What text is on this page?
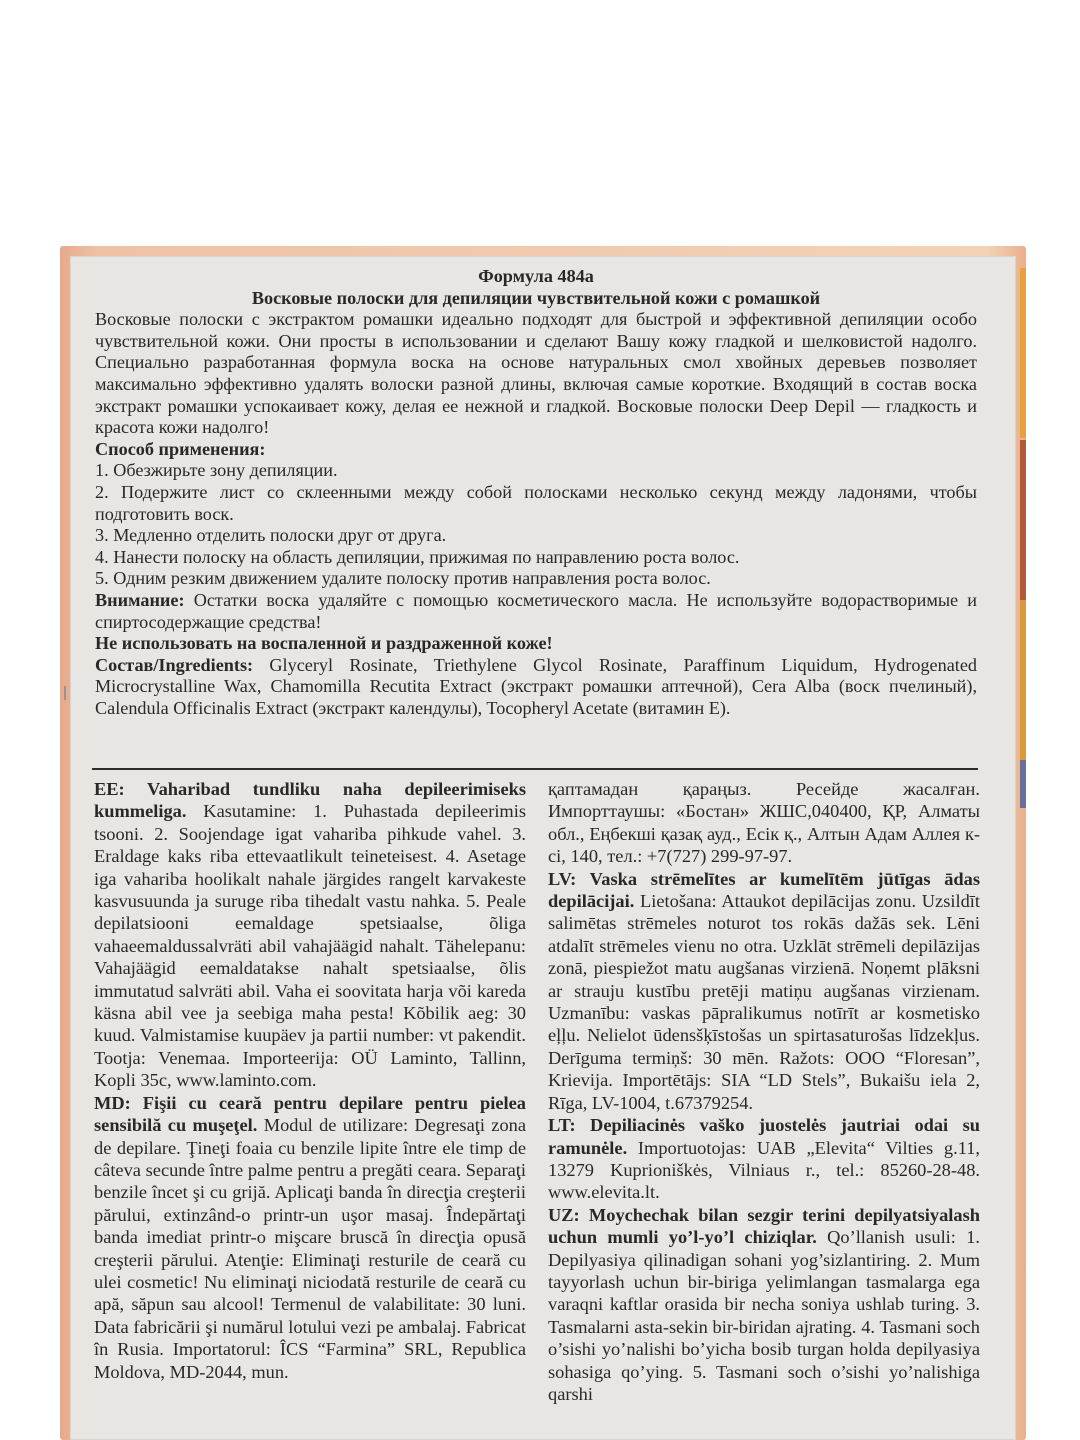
Формула 484а

Восковые полоски для депиляции чувствительной кожи с ромашкой

Восковые полоски с экстрактом ромашки идеально подходят для быстрой и эффективной депиляции особо чувствительной кожи. Они просты в использовании и сделают Вашу кожу гладкой и шелковистой надолго. Специально разработанная формула воска на основе натуральных смол хвойных деревьев позволяет максимально эффективно удалять волоски разной длины, включая самые короткие. Входящий в состав воска экстракт ромашки успокаивает кожу, делая ее нежной и гладкой. Восковые полоски Deep Depil — гладкость и красота кожи надолго!

Способ применения:

1. Обезжирьте зону депиляции.

2. Подержите лист со склеенными между собой полосками несколько секунд между ладонями, чтобы подготовить воск.

3. Медленно отделить полоски друг от друга.

4. Нанести полоску на область депиляции, прижимая по направлению роста волос.

5. Одним резким движением удалите полоску против направления роста волос.

Внимание: Остатки воска удаляйте с помощью косметического масла. Не используйте водорастворимые и спиртосодержащие средства!

Не использовать на воспаленной и раздраженной коже!

Состав/Ingredients: Glyceryl Rosinate, Triethylene Glycol Rosinate, Paraffinum Liquidum, Hydrogenated Microcrystalline Wax, Chamomilla Recutita Extract (экстракт ромашки аптечной), Cera Alba (воск пчелиный), Calendula Officinalis Extract (экстракт календулы), Tocopheryl Acetate (витамин Е).

EE: Vaharibad tundliku naha depileerimiseks kummeliga. Kasutamine: 1. Puhastada depileerimis tsooni. 2. Soojendage igat vahariba pihkude vahel. 3. Eraldage kaks riba ettevaatlikult teineteisest. 4. Asetage iga vahariba hoolikalt nahale järgides rangelt karvakeste kasvusuunda ja suruge riba tihedalt vastu nahka. 5. Peale depilatsiooni eemaldage spetsiaalse, õliga vahaeemaldussalvräti abil vahajäägid nahalt. Tähelepanu: Vahajäägid eemaldatakse nahalt spetsiaalse, õlis immutatud salvräti abil. Vaha ei soovitata harja või kareda käsna abil vee ja seebiga maha pesta! Kõbilik aeg: 30 kuud. Valmistamise kuupäev ja partii number: vt pakendit. Tootja: Venemaa. Importeerija: OÜ Laminto, Tallinn, Kopli 35c, www.laminto.com.

MD: Fişii cu ceară pentru depilare pentru pielea sensibilă cu muşeţel. Modul de utilizare: Degresaţi zona de depilare. Ţineţi foaia cu benzile lipite între ele timp de câteva secunde între palme pentru a pregăti ceara. Separaţi benzile încet şi cu grijă. Aplicaţi banda în direcţia creşterii părului, extinzând-o printr-un uşor masaj. Îndepărtaţi banda imediat printr-o mişcare bruscă în direcţia opusă creşterii părului. Atenţie: Eliminaţi resturile de ceară cu ulei cosmetic! Nu eliminaţi niciodată resturile de ceară cu apă, săpun sau alcool! Termenul de valabilitate: 30 luni. Data fabricării şi numărul lotului vezi pe ambalaj. Fabricat în Rusia. Importatorul: ÎCS “Farmina” SRL, Republica Moldova, MD-2044, mun.

қаптамадан қараңыз. Ресейде жасалған. Импорттаушы: «Бостан» ЖШС,040400, ҚР, Алматы обл., Еңбекші қазақ ауд., Есік қ., Алтын Адам Аллея к-сі, 140, тел.: +7(727) 299-97-97.

LV: Vaska strēmelītes ar kumelītēm jūtīgas ādas depilācijai. Lietošana: Attaukot depilācijas zonu. Uzsildīt salimētas strēmeles noturot tos rokās dažās sek. Lēni atdalīt strēmeles vienu no otra. Uzklāt strēmeli depilāzijas zonā, piespiežot matu augšanas virzienā. Noņemt plāksni ar strauju kustību pretēji matiņu augšanas virzienam. Uzmanību: vaskas pāpralikumus notīrīt ar kosmetisko eļļu. Nelielot ūdensšķīstošas un spirtasaturošas līdzekļus. Derīguma termiņš: 30 mēn. Ražots: OOO “Floresan”, Krievija. Importētājs: SIA “LD Stels”, Bukaišu iela 2, Rīga, LV-1004, t.67379254.

LT: Depiliacinės vaško juostelės jautriai odai su ramunėle. Importuotojas: UAB „Elevita“ Vilties g.11, 13279 Kuprioniškės, Vilniaus r., tel.: 85260-28-48. www.elevita.lt.

UZ: Moychechak bilan sezgir terini depilyatsiyalash uchun mumli yo’l-yo’l chiziqlar. Qo’llanish usuli: 1. Depilyasiya qilinadigan sohani yog’sizlantiring. 2. Mum tayyorlash uchun bir-biriga yelimlangan tasmalarga ega varaqni kaftlar orasida bir necha soniya ushlab turing. 3. Tasmalarni asta-sekin bir-biridan ajrating. 4. Tasmani soch o’sishi yo’nalishi bo’yicha bosib turgan holda depilyasiya sohasiga qo’ying. 5. Tasmani soch o’sishi yo’nalishiga qarshi
